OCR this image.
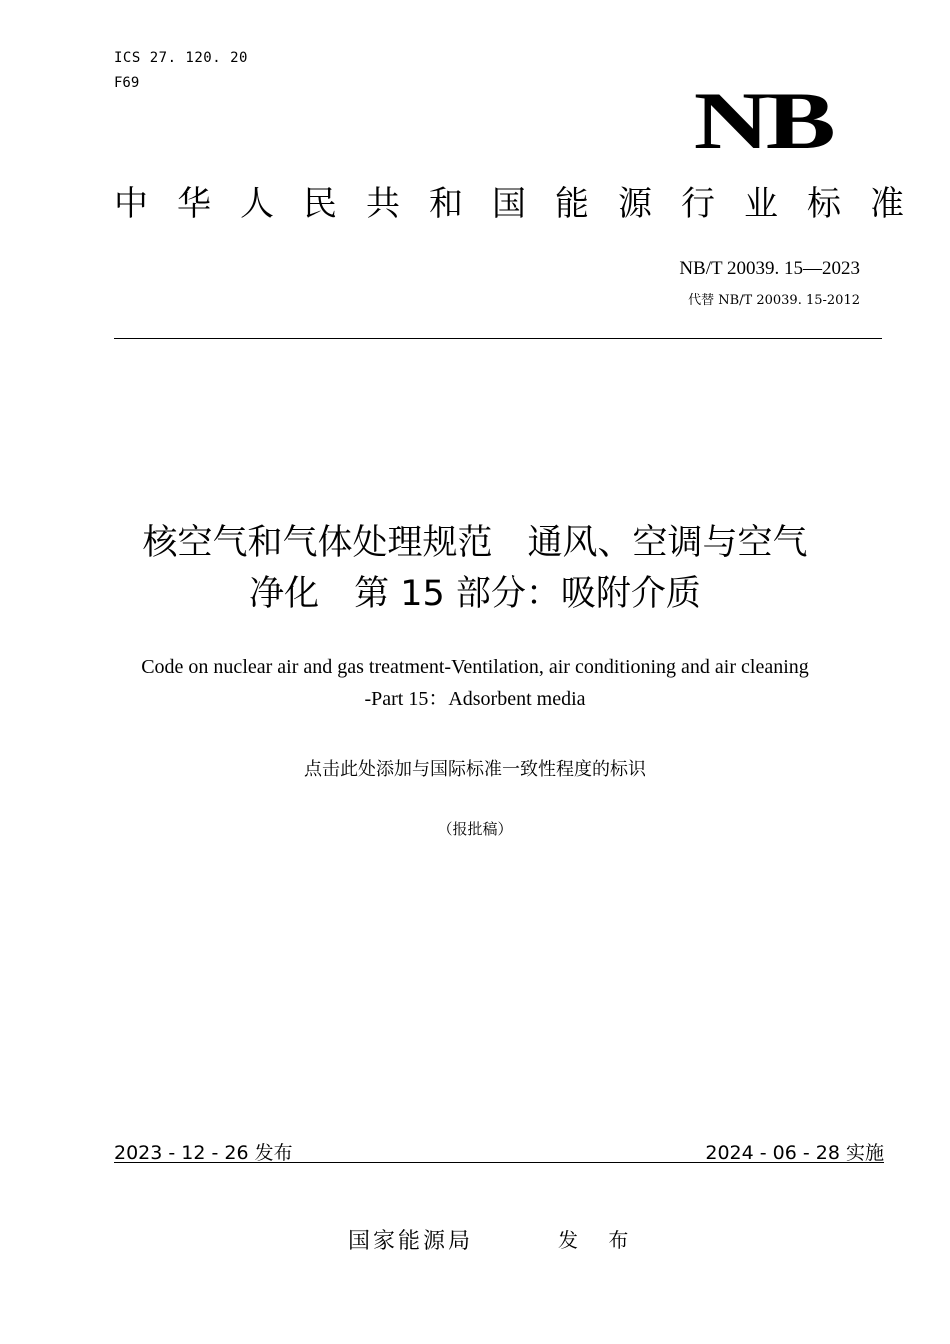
ICS 27. 120. 20
F69	NB
中华人民共和国能源行业标准
NB/T 20039. 15—2023
代替 NB/T 20039. 15-2012
核空气和气体处理规范　通风、空调与空气
净化　第 15 部分：吸附介质
Code on nuclear air and gas treatment-Ventilation, air conditioning and air cleaning
-Part 15：Adsorbent media
点击此处添加与国际标准一致性程度的标识
（报批稿）
2023 - 12 - 26 发布	2024 - 06 - 28 实施
国家能源局	发 布
